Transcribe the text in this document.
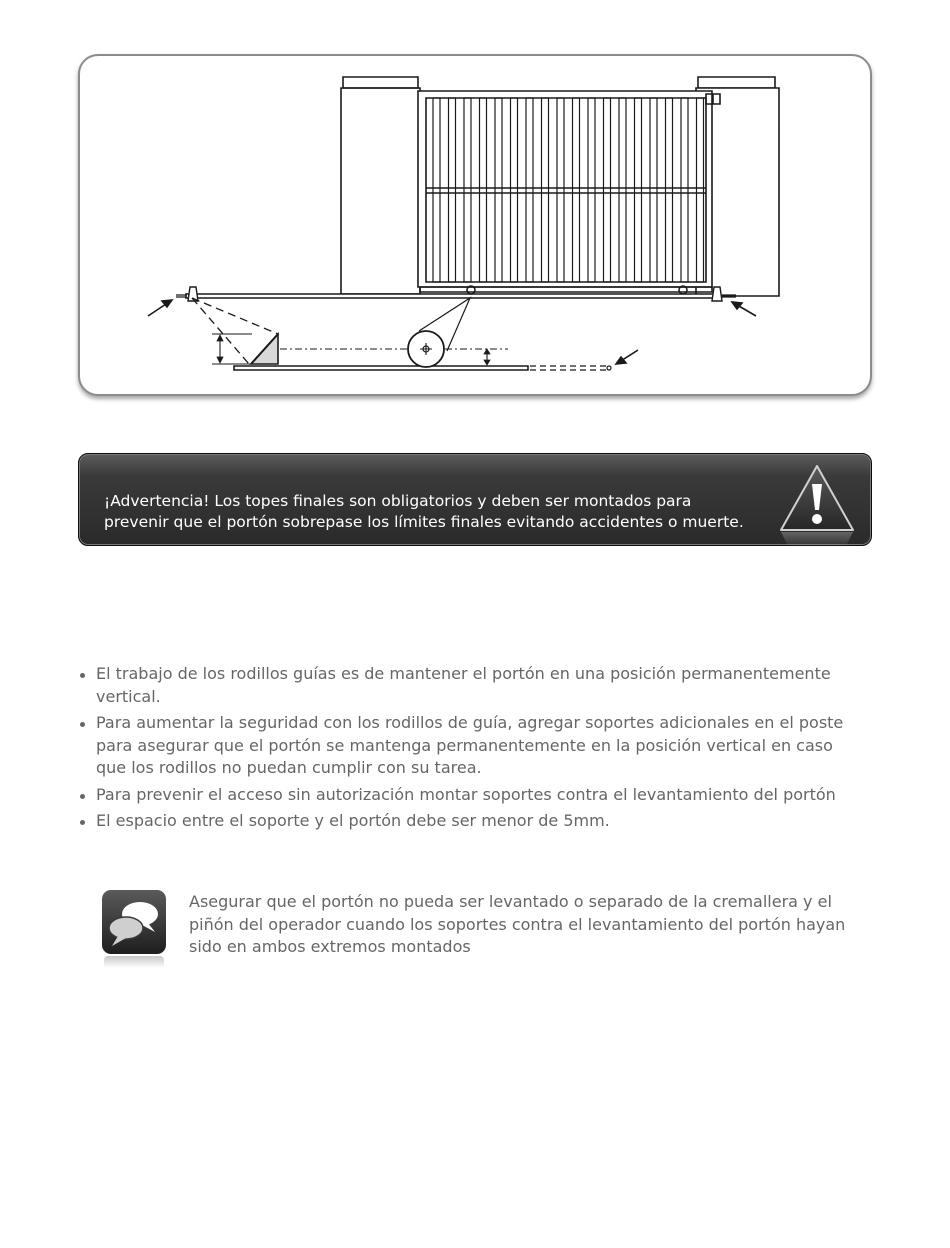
¡Advertencia! Los topes finales son obligatorios y deben ser montados para
prevenir que el portón sobrepase los límites finales evitando accidentes o muerte.

El trabajo de los rodillos guías es de mantener el portón en una posición permanentemente vertical.
Para aumentar la seguridad con los rodillos de guía, agregar soportes adicionales en el poste para asegurar que el portón se mantenga permanentemente en la posición vertical en caso que los rodillos no puedan cumplir con su tarea.
Para prevenir el acceso sin autorización montar soportes contra el levantamiento del portón
El espacio entre el soporte y el portón debe ser menor de 5mm.

Asegurar que el portón no pueda ser levantado o separado de la cremallera y el piñón del operador cuando los soportes contra el levantamiento del portón hayan sido en ambos extremos montados
